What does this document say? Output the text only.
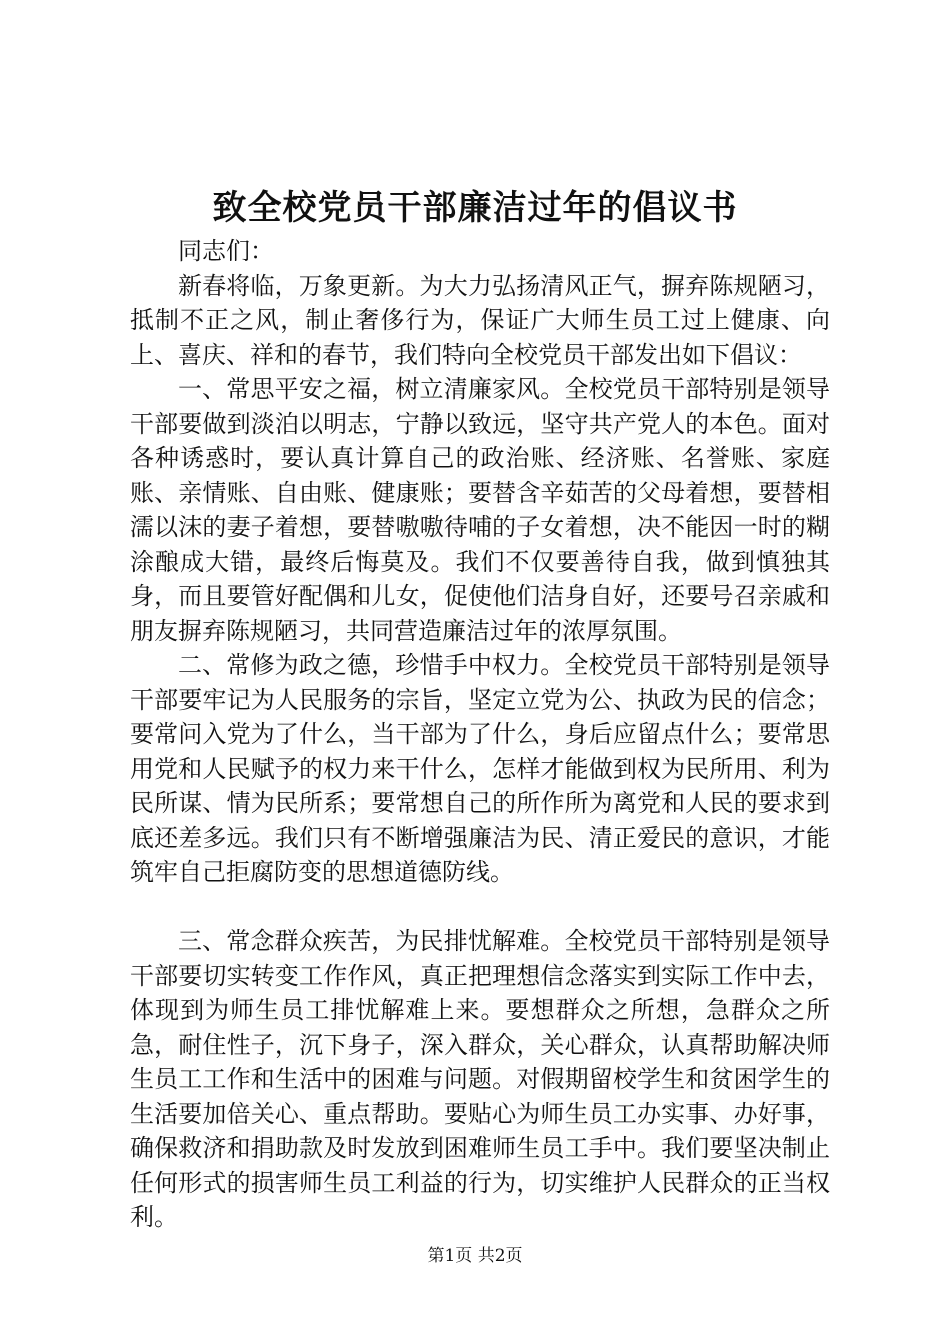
致全校党员干部廉洁过年的倡议书

同志们：

新春将临，万象更新。为大力弘扬清风正气，摒弃陈规陋习，抵制不正之风，制止奢侈行为，保证广大师生员工过上健康、向上、喜庆、祥和的春节，我们特向全校党员干部发出如下倡议：

一、常思平安之福，树立清廉家风。全校党员干部特别是领导干部要做到淡泊以明志，宁静以致远，坚守共产党人的本色。面对各种诱惑时，要认真计算自己的政治账、经济账、名誉账、家庭账、亲情账、自由账、健康账；要替含辛茹苦的父母着想，要替相濡以沫的妻子着想，要替嗷嗷待哺的子女着想，决不能因一时的糊涂酿成大错，最终后悔莫及。我们不仅要善待自我，做到慎独其身，而且要管好配偶和儿女，促使他们洁身自好，还要号召亲戚和朋友摒弃陈规陋习，共同营造廉洁过年的浓厚氛围。

二、常修为政之德，珍惜手中权力。全校党员干部特别是领导干部要牢记为人民服务的宗旨，坚定立党为公、执政为民的信念；要常问入党为了什么，当干部为了什么，身后应留点什么；要常思用党和人民赋予的权力来干什么，怎样才能做到权为民所用、利为民所谋、情为民所系；要常想自己的所作所为离党和人民的要求到底还差多远。我们只有不断增强廉洁为民、清正爱民的意识，才能筑牢自己拒腐防变的思想道德防线。

三、常念群众疾苦，为民排忧解难。全校党员干部特别是领导干部要切实转变工作作风，真正把理想信念落实到实际工作中去，体现到为师生员工排忧解难上来。要想群众之所想，急群众之所急，耐住性子，沉下身子，深入群众，关心群众，认真帮助解决师生员工工作和生活中的困难与问题。对假期留校学生和贫困学生的生活要加倍关心、重点帮助。要贴心为师生员工办实事、办好事，确保救济和捐助款及时发放到困难师生员工手中。我们要坚决制止任何形式的损害师生员工利益的行为，切实维护人民群众的正当权利。

第1页 共2页
